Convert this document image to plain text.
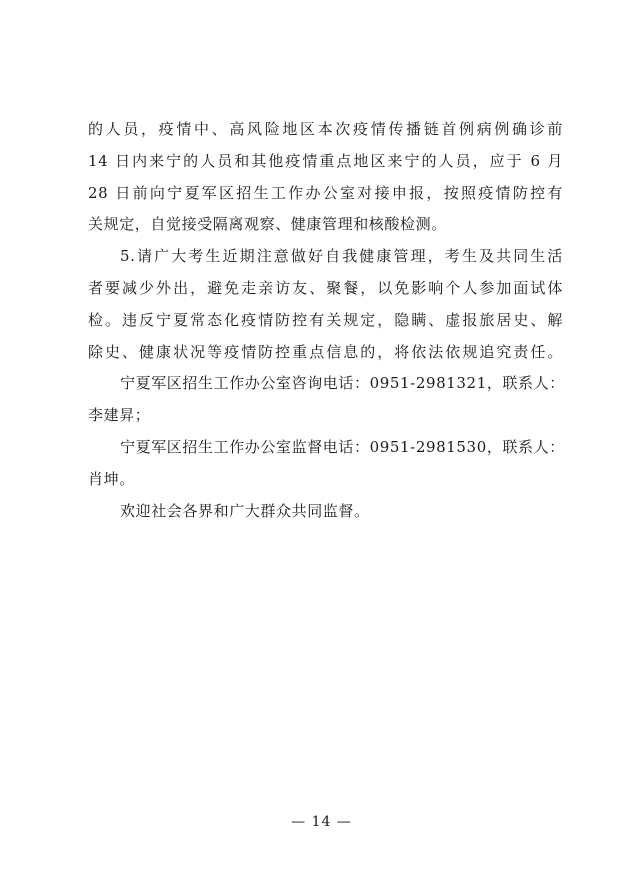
的人员，疫情中、高风险地区本次疫情传播链首例病例确诊前
14 日内来宁的人员和其他疫情重点地区来宁的人员，应于 6 月
28 日前向宁夏军区招生工作办公室对接申报，按照疫情防控有
关规定，自觉接受隔离观察、健康管理和核酸检测。
5.请广大考生近期注意做好自我健康管理，考生及共同生活
者要减少外出，避免走亲访友、聚餐，以免影响个人参加面试体
检。违反宁夏常态化疫情防控有关规定，隐瞒、虚报旅居史、解
除史、健康状况等疫情防控重点信息的，将依法依规追究责任。
宁夏军区招生工作办公室咨询电话：0951-2981321，联系人：
李建昇；
宁夏军区招生工作办公室监督电话：0951-2981530，联系人：
肖坤。
欢迎社会各界和广大群众共同监督。
— 14 —
